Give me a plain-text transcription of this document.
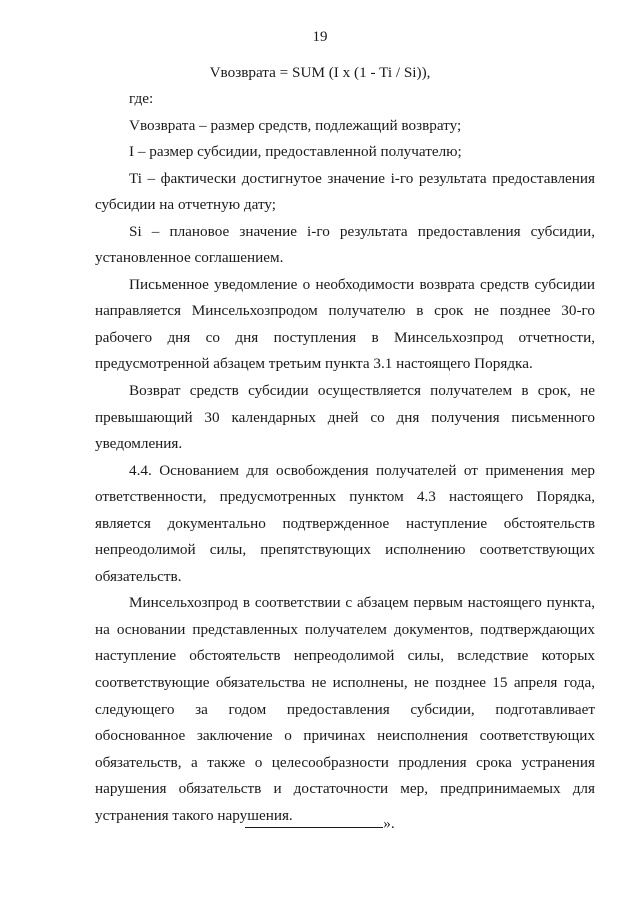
19
Vвозврата = SUM (I x (1 - Ti / Si)),

где:

Vвозврата – размер средств, подлежащий возврату;

I – размер субсидии, предоставленной получателю;

Ti – фактически достигнутое значение i-го результата предоставления субсидии на отчетную дату;

Si – плановое значение i-го результата предоставления субсидии, установленное соглашением.

Письменное уведомление о необходимости возврата средств субсидии направляется Минсельхозпродом получателю в срок не позднее 30-го рабочего дня со дня поступления в Минсельхозпрод отчетности, предусмотренной абзацем третьим пункта 3.1 настоящего Порядка.

Возврат средств субсидии осуществляется получателем в срок, не превышающий 30 календарных дней со дня получения письменного уведомления.

4.4. Основанием для освобождения получателей от применения мер ответственности, предусмотренных пунктом 4.3 настоящего Порядка, является документально подтвержденное наступление обстоятельств непреодолимой силы, препятствующих исполнению соответствующих обязательств.

Минсельхозпрод в соответствии с абзацем первым настоящего пункта, на основании представленных получателем документов, подтверждающих наступление обстоятельств непреодолимой силы, вследствие которых соответствующие обязательства не исполнены, не позднее 15 апреля года, следующего за годом предоставления субсидии, подготавливает обоснованное заключение о причинах неисполнения соответствующих обязательств, а также о целесообразности продления срока устранения нарушения обязательств и достаточности мер, предпринимаемых для устранения такого нарушения.	».
